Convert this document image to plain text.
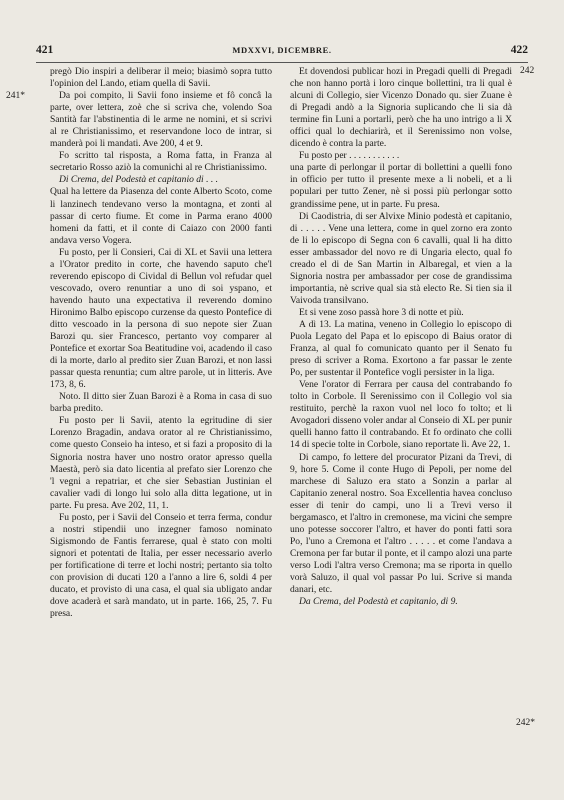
421	MDXXVI, DICEMBRE.	422
241*
242
242*

pregò Dio inspiri a deliberar il meio; biasimò sopra tutto l'opinion del Lando, etiam quella di Savii.

Da poi compito, li Savii fono insieme et fô concâ la parte, over lettera, zoè che si scriva che, volendo Soa Santità far l'abstinentia di le arme ne nomini, et si scrivi al re Christianissimo, et reservandone loco de intrar, si manderà poi li mandati. Ave 200, 4 et 9.

Fo scritto tal risposta, a Roma fatta, in Franza al secretario Rosso aziò la comunichi al re Christianissimo.

Di Crema, del Podestà et capitanio di . . .

Qual ha lettere da Piasenza del conte Alberto Scoto, come li lanzinech tendevano verso la montagna, et zonti al passar di certo fiume. Et come in Parma erano 4000 homeni da fatti, et il conte di Caiazo con 2000 fanti andava verso Vogera.

Fu posto, per li Consieri, Cai di XL et Savii una lettera a l'Orator predito in corte, che havendo saputo che'l reverendo episcopo di Cividal di Bellun vol refudar quel vescovado, overo renuntiar a uno di soi yspano, et havendo hauto una expectativa il reverendo domino Hironimo Balbo episcopo curzense da questo Pontefice di ditto vescoado in la persona di suo nepote sier Zuan Barozi qu. sier Francesco, pertanto voy comparer al Pontefice et exortar Soa Beatitudine voi, acadendo il caso di la morte, darlo al predito sier Zuan Barozi, et non lassi passar questa renuntia; cum altre parole, ut in litteris. Ave 173, 8, 6.

Noto. Il ditto sier Zuan Barozi è a Roma in casa di suo barba predito.

Fu posto per li Savii, atento la egritudine di sier Lorenzo Bragadin, andava orator al re Christianissimo, come questo Conseio ha inteso, et si fazi a proposito di la Signoria nostra haver uno nostro orator apresso quella Maestà, però sia dato licentia al prefato sier Lorenzo che 'l vegni a repatriar, et che sier Sebastian Justinian el cavalier vadi di longo lui solo alla ditta legatione, ut in parte. Fu presa. Ave 202, 11, 1.

Fu posto, per i Savii del Conseio et terra ferma, condur a nostri stipendii uno inzegner famoso nominato Sigismondo de Fantis ferrarese, qual è stato con molti signori et potentati de Italia, per esser necessario averlo per fortificatione di terre et lochi nostri; pertanto sia tolto con provision di ducati 120 a l'anno a lire 6, soldi 4 per ducato, et provisto di una casa, el qual sia ubligato andar dove acaderà et sarà mandato, ut in parte. 166, 25, 7. Fu presa.

Et dovendosi publicar hozi in Pregadi quelli di Pregadi che non hanno portà i loro cinque bollettini, tra li qual è alcuni di Collegio, sier Vicenzo Donado qu. sier Zuane è di Pregadi andò a la Signoria suplicando che li sia dà termine fin Luni a portarli, però che ha uno intrigo a li X offici qual lo dechiarirà, et il Serenissimo non volse, dicendo è contra la parte.

Fu posto per . . . . . . . . . . .

una parte di perlongar il portar di bollettini a quelli fono in officio per tutto il presente mexe a li nobeli, et a li populari per tutto Zener, nè si possi più perlongar sotto grandissime pene, ut in parte. Fu presa.

Di Caodistria, di ser Alvixe Minio podestà et capitanio, di . . . . . Vene una lettera, come in quel zorno era zonto de li lo episcopo di Segna con 6 cavalli, qual li ha ditto esser ambassador del novo re di Ungaria electo, qual fo creado el di de San Martin in Albaregal, et vien a la Signoria nostra per ambassador per cose de grandissima importantia, nè scrive qual sia stà electo Re. Si tien sia il Vaivoda transilvano.

Et si vene zoso passà hore 3 di notte et più.

A dì 13. La matina, veneno in Collegio lo episcopo di Puola Legato del Papa et lo episcopo di Baius orator di Franza, al qual fo comunicato quanto per il Senato fu preso di scriver a Roma. Exortono a far passar le zente Po, per sustentar il Pontefice vogli persister in la liga.

Vene l'orator di Ferrara per causa del contrabando fo tolto in Corbole. Il Serenissimo con il Collegio vol sia restituito, perchè la raxon vuol nel loco fo tolto; et li Avogadori disseno voler andar al Conseio di XL per punir quelli hanno fatto il contrabando. Et fo ordinato che colli 14 di specie tolte in Corbole, siano reportate lì. Ave 22, 1.

Di campo, fo lettere del procurator Pizani da Trevi, di 9, hore 5. Come il conte Hugo di Pepoli, per nome del marchese di Saluzo era stato a Sonzin a parlar al Capitanio zeneral nostro. Soa Excellentia havea concluso esser di tenir do campi, uno li a Trevi verso il bergamasco, et l'altro in cremonese, ma vicini che sempre uno potesse soccorer l'altro, et haver do ponti fatti sora Po, l'uno a Cremona et l'altro . . . . . et come l'andava a Cremona per far butar il ponte, et il campo alozi una parte verso Lodi l'altra verso Cremona; ma se riporta in quello vorà Saluzo, il qual vol passar Po lui. Scrive si manda danari, etc.

Da Crema, del Podestà et capitanio, di 9.
